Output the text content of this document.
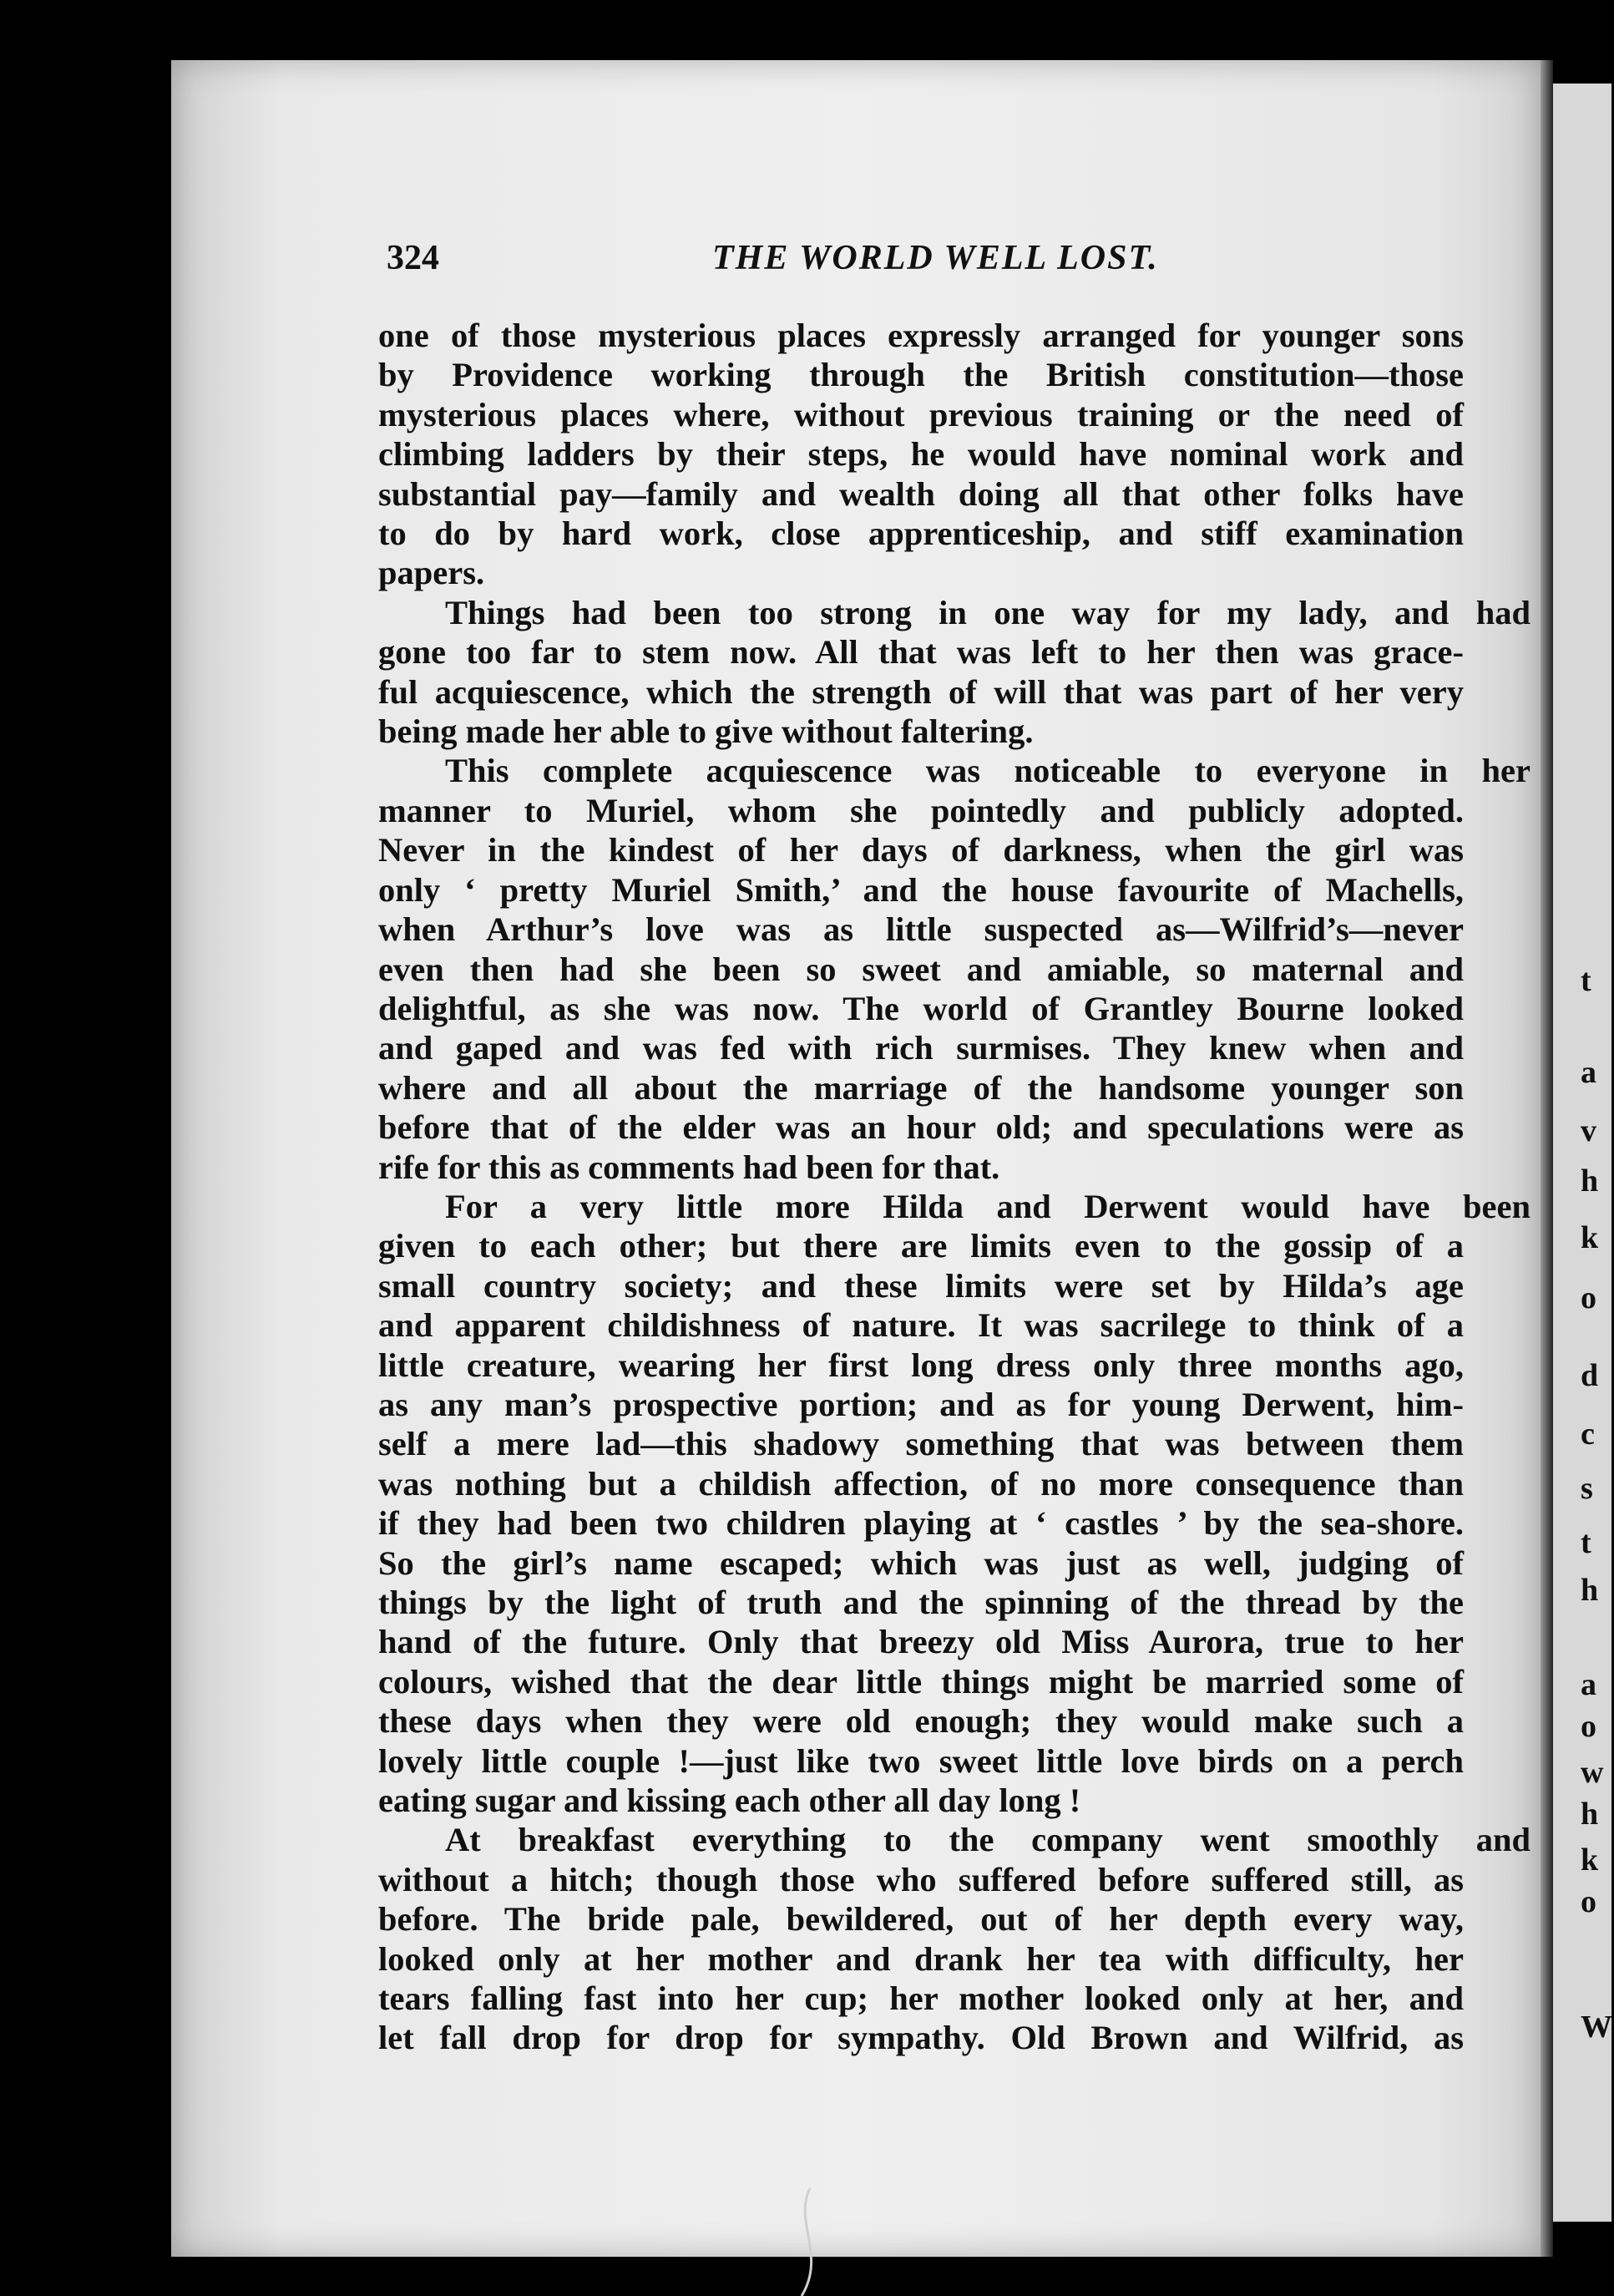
t
a
v
h
k
o
d
c
s
t
h
a
o
w
h
k
o
W
324	THE WORLD WELL LOST.
one of those mysterious places expressly arranged for younger sons
by Providence working through the British constitution—those
mysterious places where, without previous training or the need of
climbing ladders by their steps, he would have nominal work and
substantial pay—family and wealth doing all that other folks have
to do by hard work, close apprenticeship, and stiff examination
papers.
Things had been too strong in one way for my lady, and had
gone too far to stem now. All that was left to her then was grace-
ful acquiescence, which the strength of will that was part of her very
being made her able to give without faltering.
This complete acquiescence was noticeable to everyone in her
manner to Muriel, whom she pointedly and publicly adopted.
Never in the kindest of her days of darkness, when the girl was
only ‘ pretty Muriel Smith,’ and the house favourite of Machells,
when Arthur’s love was as little suspected as—Wilfrid’s—never
even then had she been so sweet and amiable, so maternal and
delightful, as she was now. The world of Grantley Bourne looked
and gaped and was fed with rich surmises. They knew when and
where and all about the marriage of the handsome younger son
before that of the elder was an hour old; and speculations were as
rife for this as comments had been for that.
For a very little more Hilda and Derwent would have been
given to each other; but there are limits even to the gossip of a
small country society; and these limits were set by Hilda’s age
and apparent childishness of nature. It was sacrilege to think of a
little creature, wearing her first long dress only three months ago,
as any man’s prospective portion; and as for young Derwent, him-
self a mere lad—this shadowy something that was between them
was nothing but a childish affection, of no more consequence than
if they had been two children playing at ‘ castles ’ by the sea-shore.
So the girl’s name escaped; which was just as well, judging of
things by the light of truth and the spinning of the thread by the
hand of the future. Only that breezy old Miss Aurora, true to her
colours, wished that the dear little things might be married some of
these days when they were old enough; they would make such a
lovely little couple !—just like two sweet little love birds on a perch
eating sugar and kissing each other all day long !
At breakfast everything to the company went smoothly and
without a hitch; though those who suffered before suffered still, as
before. The bride pale, bewildered, out of her depth every way,
looked only at her mother and drank her tea with difficulty, her
tears falling fast into her cup; her mother looked only at her, and
let fall drop for drop for sympathy. Old Brown and Wilfrid, as
